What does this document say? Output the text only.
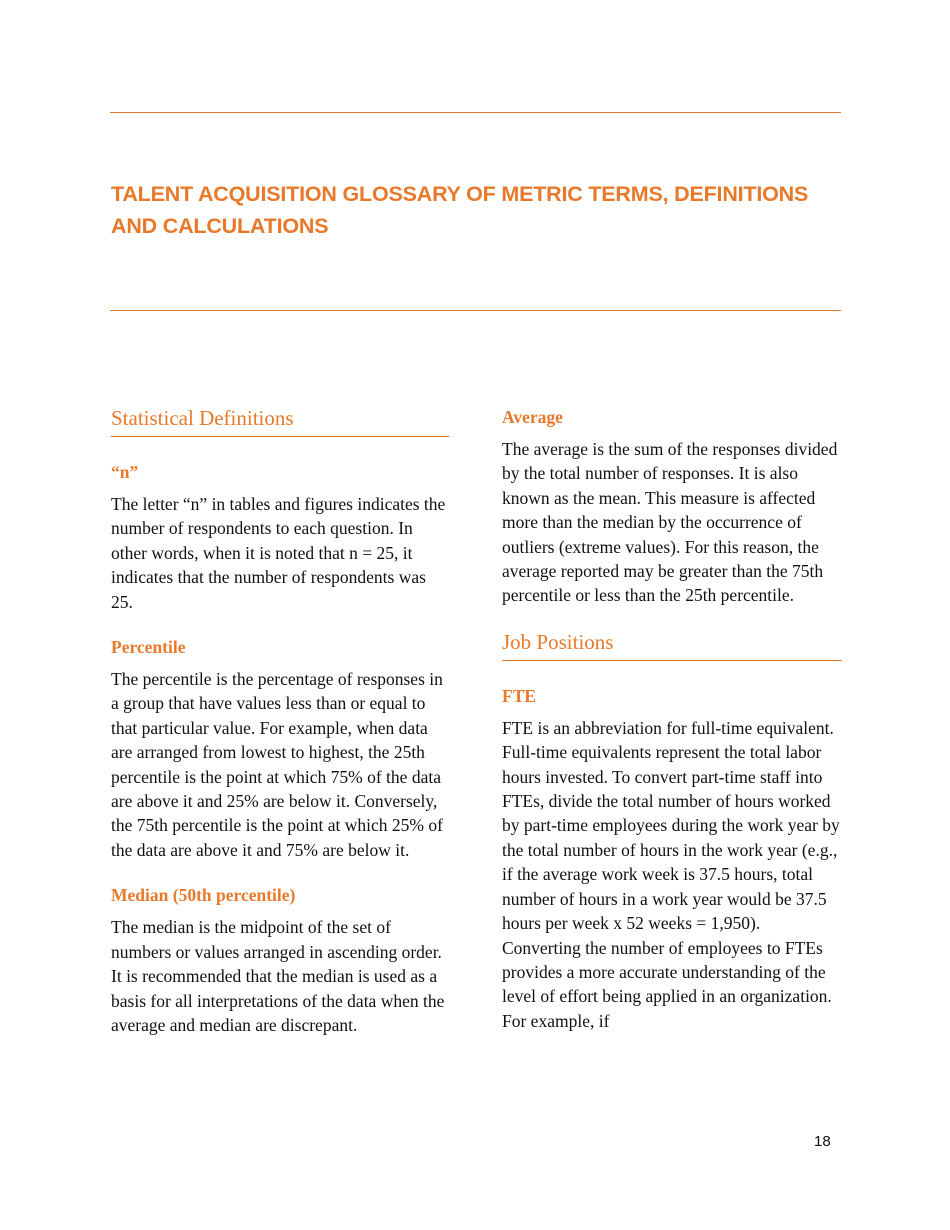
TALENT ACQUISITION GLOSSARY OF METRIC TERMS, DEFINITIONS AND CALCULATIONS
Statistical Definitions

“n”

The letter “n” in tables and figures indicates the number of respondents to each question. In other words, when it is noted that n = 25, it indicates that the number of respondents was 25.

Percentile

The percentile is the percentage of responses in a group that have values less than or equal to that particular value. For example, when data are arranged from lowest to highest, the 25th percentile is the point at which 75% of the data are above it and 25% are below it. Conversely, the 75th percentile is the point at which 25% of the data are above it and 75% are below it.

Median (50th percentile)

The median is the midpoint of the set of numbers or values arranged in ascending order. It is recommended that the median is used as a basis for all interpretations of the data when the average and median are discrepant.

Average

The average is the sum of the responses divided by the total number of responses. It is also known as the mean. This measure is affected more than the median by the occurrence of outliers (extreme values). For this reason, the average reported may be greater than the 75th percentile or less than the 25th percentile.

Job Positions

FTE

FTE is an abbreviation for full-time equivalent. Full-time equivalents represent the total labor hours invested. To convert part-time staff into FTEs, divide the total number of hours worked by part-time employees during the work year by the total number of hours in the work year (e.g., if the average work week is 37.5 hours, total number of hours in a work year would be 37.5 hours per week x 52 weeks = 1,950). Converting the number of employees to FTEs provides a more accurate understanding of the level of effort being applied in an organization. For example, if

18
